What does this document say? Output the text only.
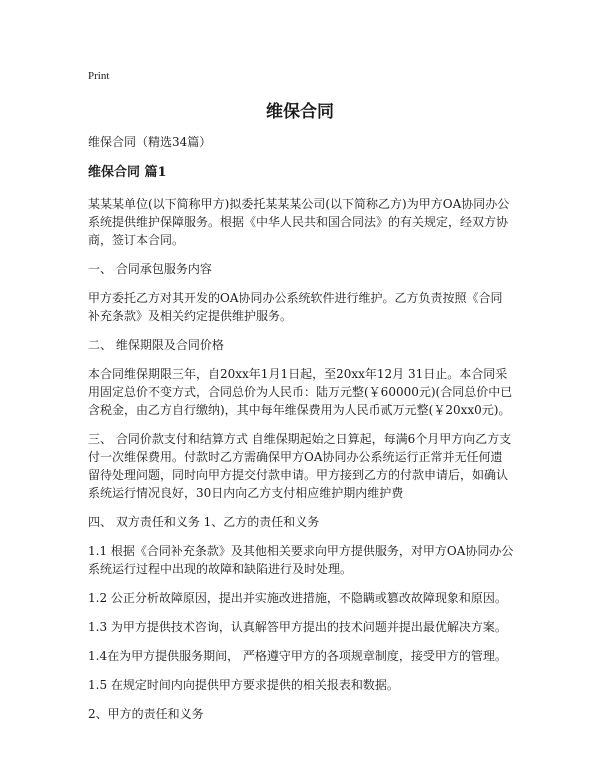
Print
维保合同

维保合同（精选34篇）

维保合同 篇1

某某某单位(以下简称甲方)拟委托某某某公司(以下简称乙方)为甲方OA协同办公系统提供维护保障服务。根据《中华人民共和国合同法》的有关规定，经双方协商，签订本合同。

一、 合同承包服务内容

甲方委托乙方对其开发的OA协同办公系统软件进行维护。乙方负责按照《合同补充条款》及相关约定提供维护服务。

二、 维保期限及合同价格

本合同维保期限三年，自20xx年1月1日起，至20xx年12月 31日止。本合同采用固定总价不变方式，合同总价为人民币：陆万元整(￥60000元)(合同总价中已含税金，由乙方自行缴纳)，其中每年维保费用为人民币贰万元整(￥20xx0元)。

三、 合同价款支付和结算方式 自维保期起始之日算起，每满6个月甲方向乙方支付一次维保费用。付款时乙方需确保甲方OA协同办公系统运行正常并无任何遗留待处理问题，同时向甲方提交付款申请。甲方接到乙方的付款申请后，如确认系统运行情况良好，30日内向乙方支付相应维护期内维护费

四、 双方责任和义务 1、乙方的责任和义务

1.1 根据《合同补充条款》及其他相关要求向甲方提供服务，对甲方OA协同办公系统运行过程中出现的故障和缺陷进行及时处理。

1.2 公正分析故障原因，提出并实施改进措施，不隐瞒或篡改故障现象和原因。

1.3 为甲方提供技术咨询，认真解答甲方提出的技术问题并提出最优解决方案。

1.4在为甲方提供服务期间， 严格遵守甲方的各项规章制度，接受甲方的管理。

1.5 在规定时间内向提供甲方要求提供的相关报表和数据。

2、甲方的责任和义务
